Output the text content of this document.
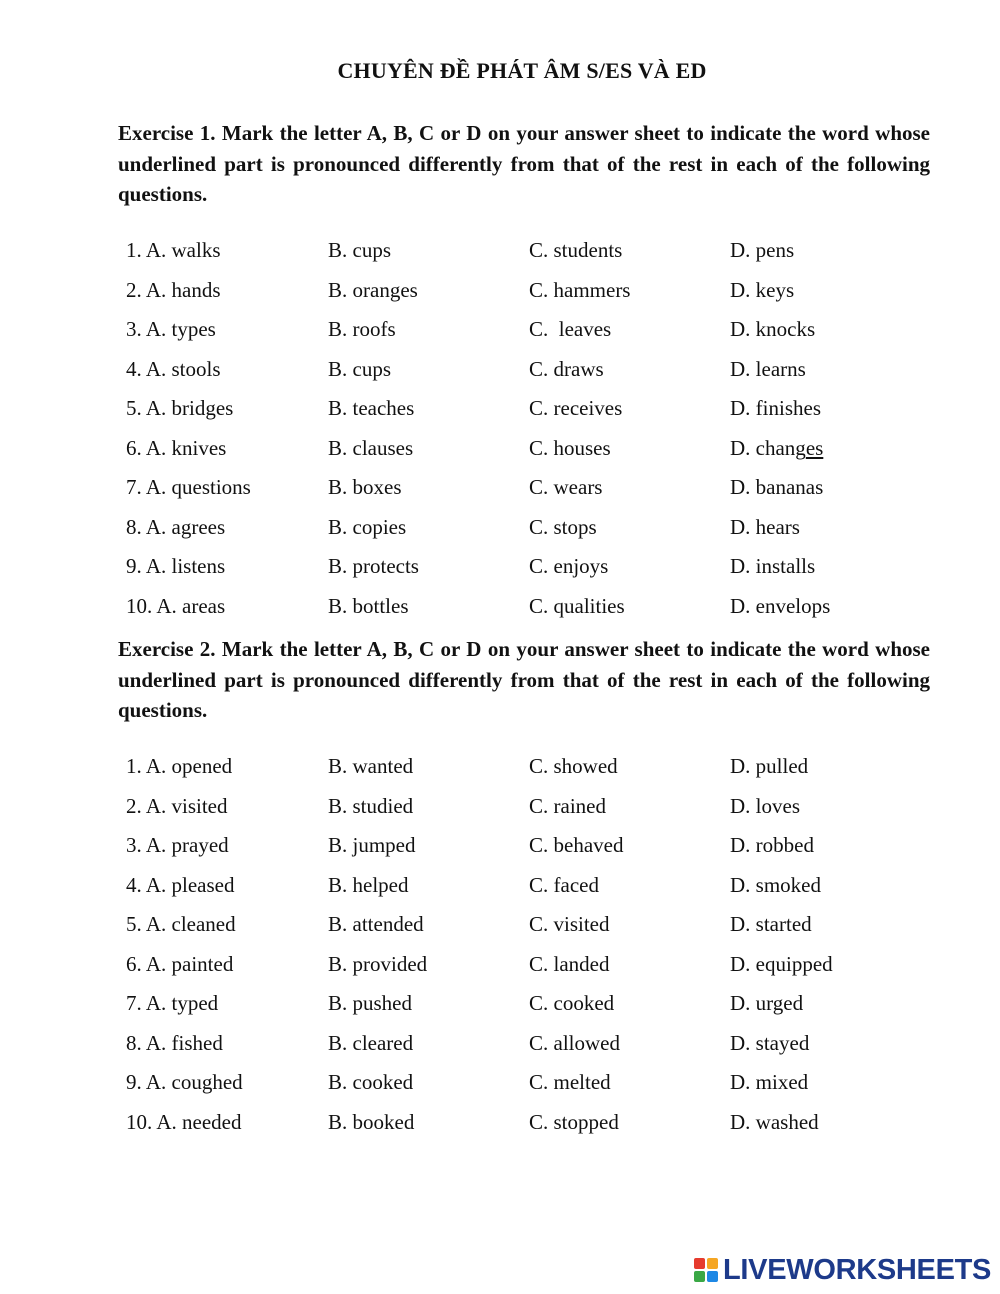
CHUYÊN ĐỀ PHÁT ÂM S/ES VÀ ED
Exercise 1. Mark the letter A, B, C or D on your answer sheet to indicate the word whose underlined part is pronounced differently from that of the rest in each of the following questions.
1. A. walks	B. cups	C. students	D. pens
2. A. hands	B. oranges	C. hammers	D. keys
3. A. types	B. roofs	C.  leaves	D. knocks
4. A. stools	B. cups	C. draws	D. learns
5. A. bridges	B. teaches	C. receives	D. finishes
6. A. knives	B. clauses	C. houses	D. changes
7. A. questions	B. boxes	C. wears	D. bananas
8. A. agrees	B. copies	C. stops	D. hears
9. A. listens	B. protects	C. enjoys	D. installs
10. A. areas	B. bottles	C. qualities	D. envelops
Exercise 2. Mark the letter A, B, C or D on your answer sheet to indicate the word whose underlined part is pronounced differently from that of the rest in each of the following questions.
1. A. opened	B. wanted	C. showed	D. pulled
2. A. visited	B. studied	C. rained	D. loves
3. A. prayed	B. jumped	C. behaved	D. robbed
4. A. pleased	B. helped	C. faced	D. smoked
5. A. cleaned	B. attended	C. visited	D. started
6. A. painted	B. provided	C. landed	D. equipped
7. A. typed	B. pushed	C. cooked	D. urged
8. A. fished	B. cleared	C. allowed	D. stayed
9. A. coughed	B. cooked	C. melted	D. mixed
10. A. needed	B. booked	C. stopped	D. washed
LIVEWORKSHEETS
